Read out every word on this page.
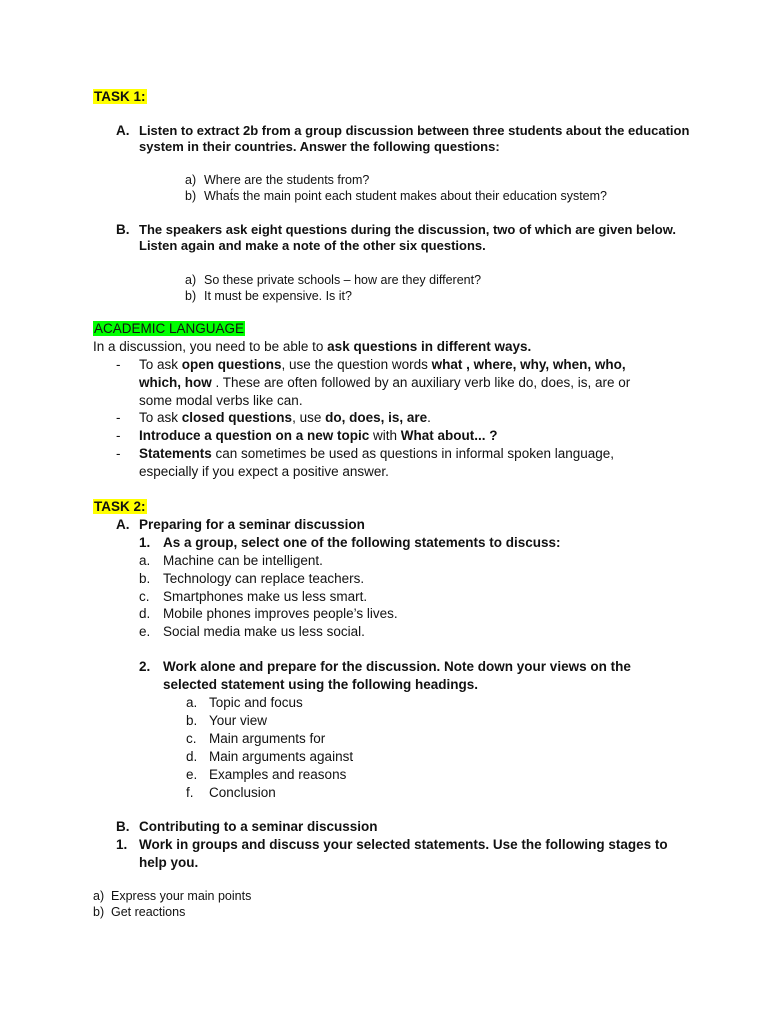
TASK 1:
A. Listen to extract 2b from a group discussion between three students about the education
system in their countries. Answer the following questions:
a) Where are the students from?
b) What́s the main point each student makes about their education system?
B. The speakers ask eight questions during the discussion, two of which are given below.
Listen again and make a note of the other six questions.
a) So these private schools – how are they different?
b) It must be expensive. Is it?
ACADEMIC LANGUAGE
In a discussion, you need to be able to ask questions in different ways.
- To ask open questions, use the question words what , where, why, when, who,
which, how . These are often followed by an auxiliary verb like do, does, is, are or
some modal verbs like can.
- To ask closed questions, use do, does, is, are.
- Introduce a question on a new topic with What about... ?
- Statements can sometimes be used as questions in informal spoken language,
especially if you expect a positive answer.
TASK 2:
A. Preparing for a seminar discussion
1. As a group, select one of the following statements to discuss:
a. Machine can be intelligent.
b. Technology can replace teachers.
c. Smartphones make us less smart.
d. Mobile phones improves people’s lives.
e. Social media make us less social.
2. Work alone and prepare for the discussion. Note down your views on the
selected statement using the following headings.
a. Topic and focus
b. Your view
c. Main arguments for
d. Main arguments against
e. Examples and reasons
f. Conclusion
B. Contributing to a seminar discussion
1. Work in groups and discuss your selected statements. Use the following stages to
help you.
a) Express your main points
b) Get reactions
